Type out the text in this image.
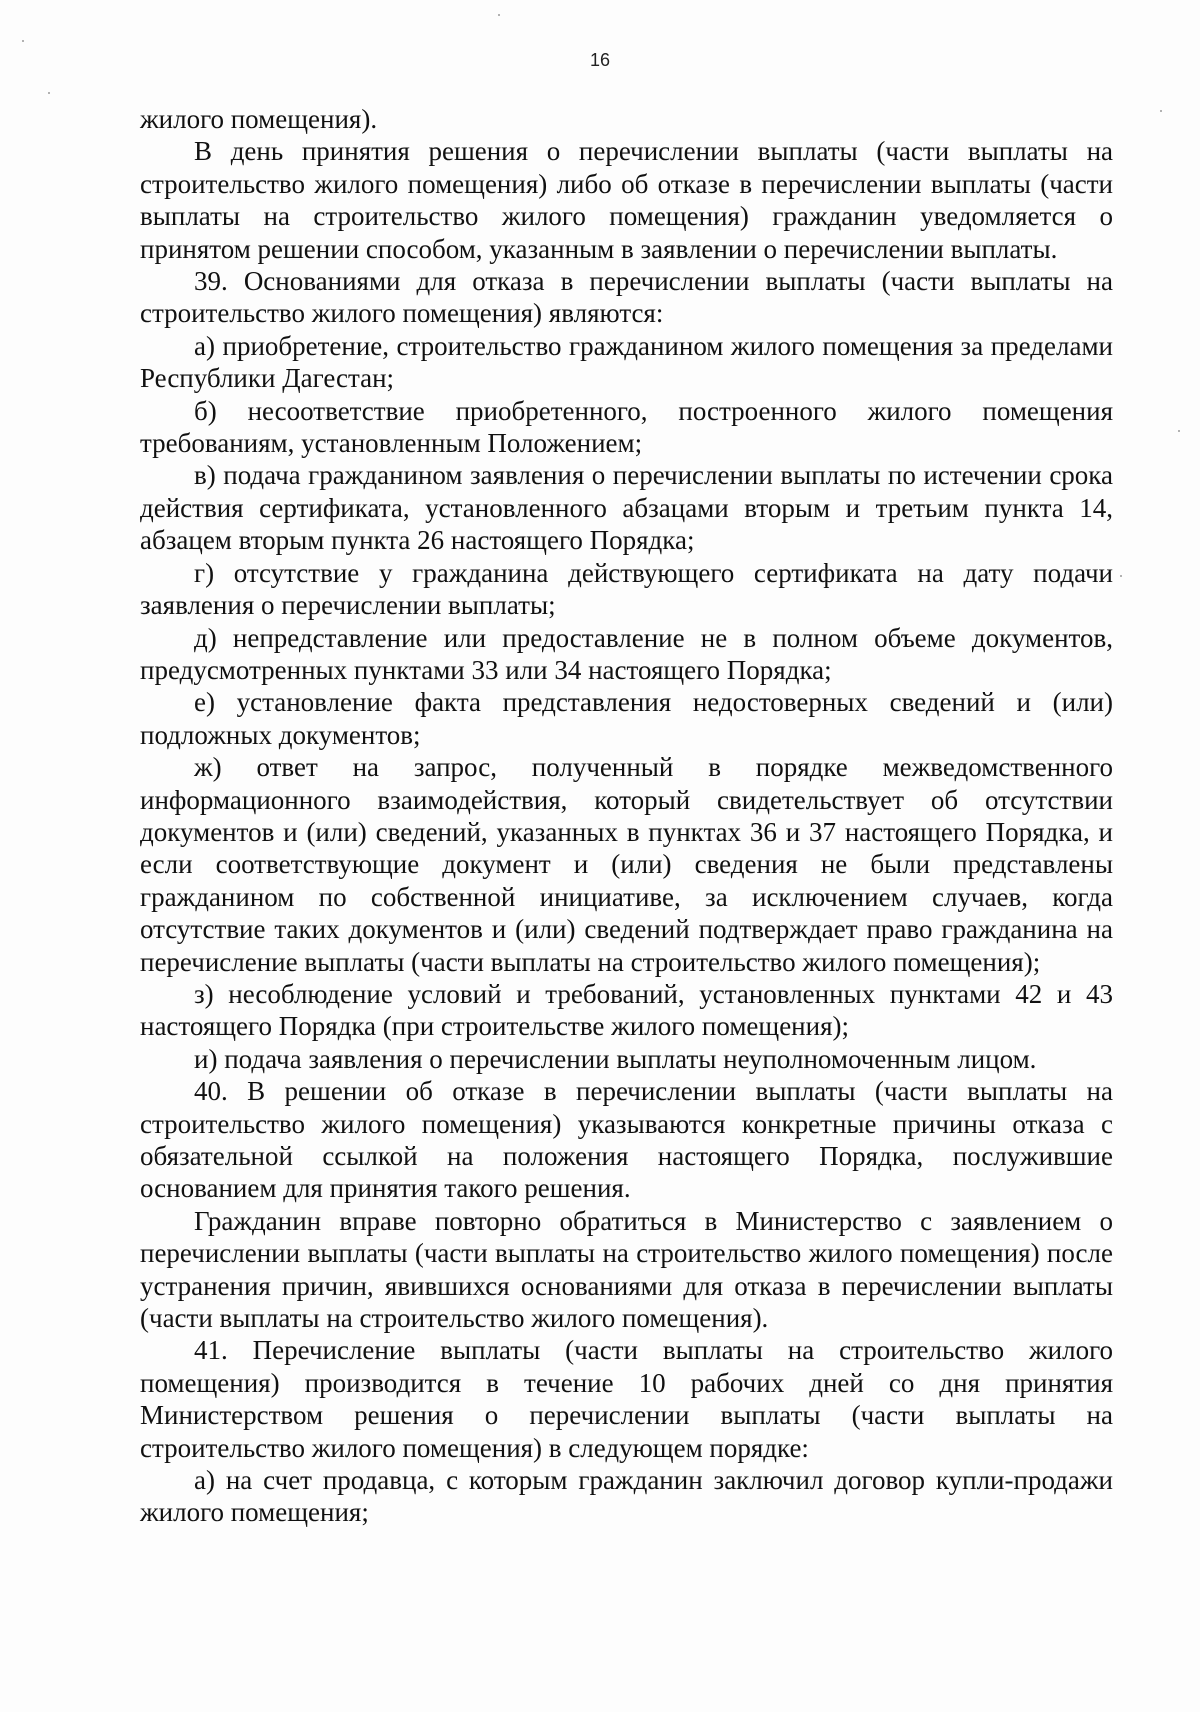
16

жилого помещения).

В день принятия решения о перечислении выплаты (части выплаты на строительство жилого помещения) либо об отказе в перечислении выплаты (части выплаты на строительство жилого помещения) гражданин уведомляется о принятом решении способом, указанным в заявлении о перечислении выплаты.

39. Основаниями для отказа в перечислении выплаты (части выплаты на строительство жилого помещения) являются:

а) приобретение, строительство гражданином жилого помещения за пределами Республики Дагестан;

б) несоответствие приобретенного, построенного жилого помещения требованиям, установленным Положением;

в) подача гражданином заявления о перечислении выплаты по истечении срока действия сертификата, установленного абзацами вторым и третьим пункта 14, абзацем вторым пункта 26 настоящего Порядка;

г) отсутствие у гражданина действующего сертификата на дату подачи заявления о перечислении выплаты;

д) непредставление или предоставление не в полном объеме документов, предусмотренных пунктами 33 или 34 настоящего Порядка;

е) установление факта представления недостоверных сведений и (или) подложных документов;

ж) ответ на запрос, полученный в порядке межведомственного информационного взаимодействия, который свидетельствует об отсутствии документов и (или) сведений, указанных в пунктах 36 и 37 настоящего Порядка, и если соответствующие документ и (или) сведения не были представлены гражданином по собственной инициативе, за исключением случаев, когда отсутствие таких документов и (или) сведений подтверждает право гражданина на перечисление выплаты (части выплаты на строительство жилого помещения);

з) несоблюдение условий и требований, установленных пунктами 42 и 43 настоящего Порядка (при строительстве жилого помещения);

и) подача заявления о перечислении выплаты неуполномоченным лицом.

40. В решении об отказе в перечислении выплаты (части выплаты на строительство жилого помещения) указываются конкретные причины отказа с обязательной ссылкой на положения настоящего Порядка, послужившие основанием для принятия такого решения.

Гражданин вправе повторно обратиться в Министерство с заявлением о перечислении выплаты (части выплаты на строительство жилого помещения) после устранения причин, явившихся основаниями для отказа в перечислении выплаты (части выплаты на строительство жилого помещения).

41. Перечисление выплаты (части выплаты на строительство жилого помещения) производится в течение 10 рабочих дней со дня принятия Министерством решения о перечислении выплаты (части выплаты на строительство жилого помещения) в следующем порядке:

а) на счет продавца, с которым гражданин заключил договор купли-продажи жилого помещения;
